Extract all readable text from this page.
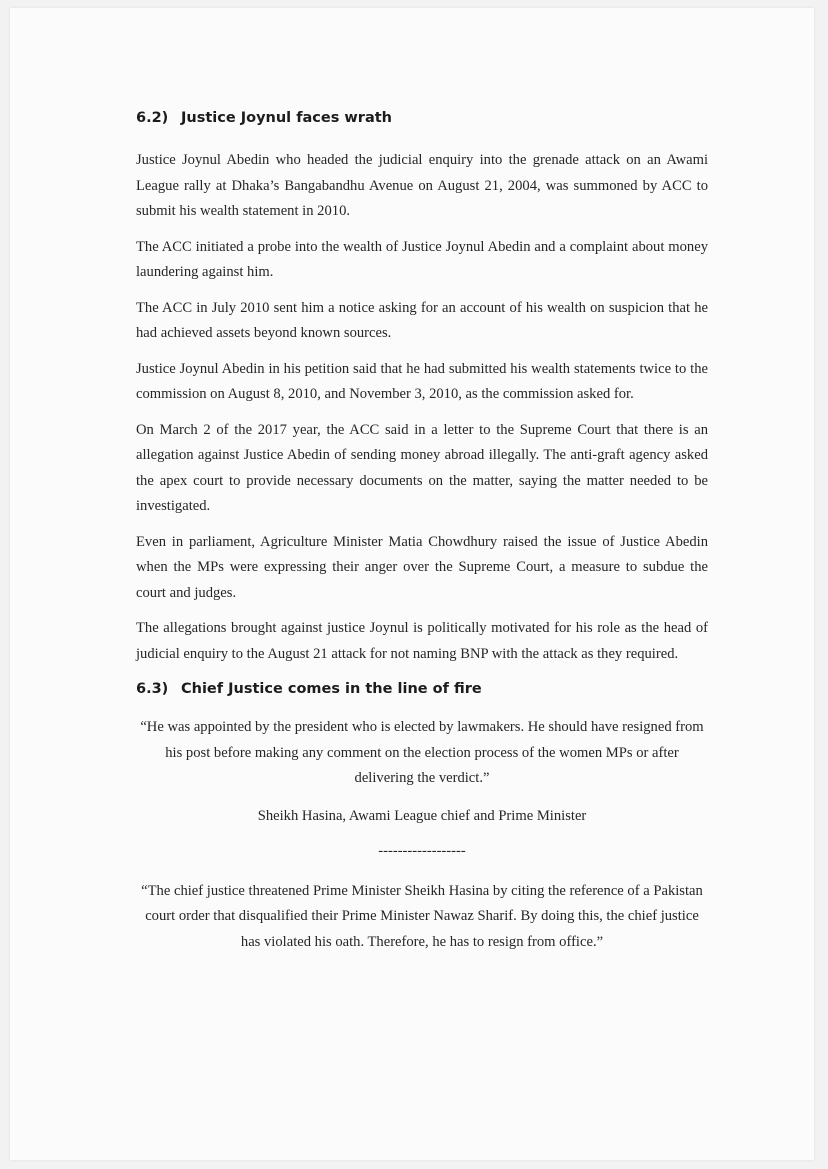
6.2) Justice Joynul faces wrath

Justice Joynul Abedin who headed the judicial enquiry into the grenade attack on an Awami League rally at Dhaka’s Bangabandhu Avenue on August 21, 2004, was summoned by ACC to submit his wealth statement in 2010.

The ACC initiated a probe into the wealth of Justice Joynul Abedin and a complaint about money laundering against him.

The ACC in July 2010 sent him a notice asking for an account of his wealth on suspicion that he had achieved assets beyond known sources.

Justice Joynul Abedin in his petition said that he had submitted his wealth statements twice to the commission on August 8, 2010, and November 3, 2010, as the commission asked for.

On March 2 of the 2017 year, the ACC said in a letter to the Supreme Court that there is an allegation against Justice Abedin of sending money abroad illegally. The anti-graft agency asked the apex court to provide necessary documents on the matter, saying the matter needed to be investigated.

Even in parliament, Agriculture Minister Matia Chowdhury raised the issue of Justice Abedin when the MPs were expressing their anger over the Supreme Court, a measure to subdue the court and judges.

The allegations brought against justice Joynul is politically motivated for his role as the head of judicial enquiry to the August 21 attack for not naming BNP with the attack as they required.

6.3) Chief Justice comes in the line of fire

“He was appointed by the president who is elected by lawmakers. He should have resigned from his post before making any comment on the election process of the women MPs or after delivering the verdict.”

Sheikh Hasina, Awami League chief and Prime Minister

------------------

“The chief justice threatened Prime Minister Sheikh Hasina by citing the reference of a Pakistan court order that disqualified their Prime Minister Nawaz Sharif. By doing this, the chief justice has violated his oath. Therefore, he has to resign from office.”
